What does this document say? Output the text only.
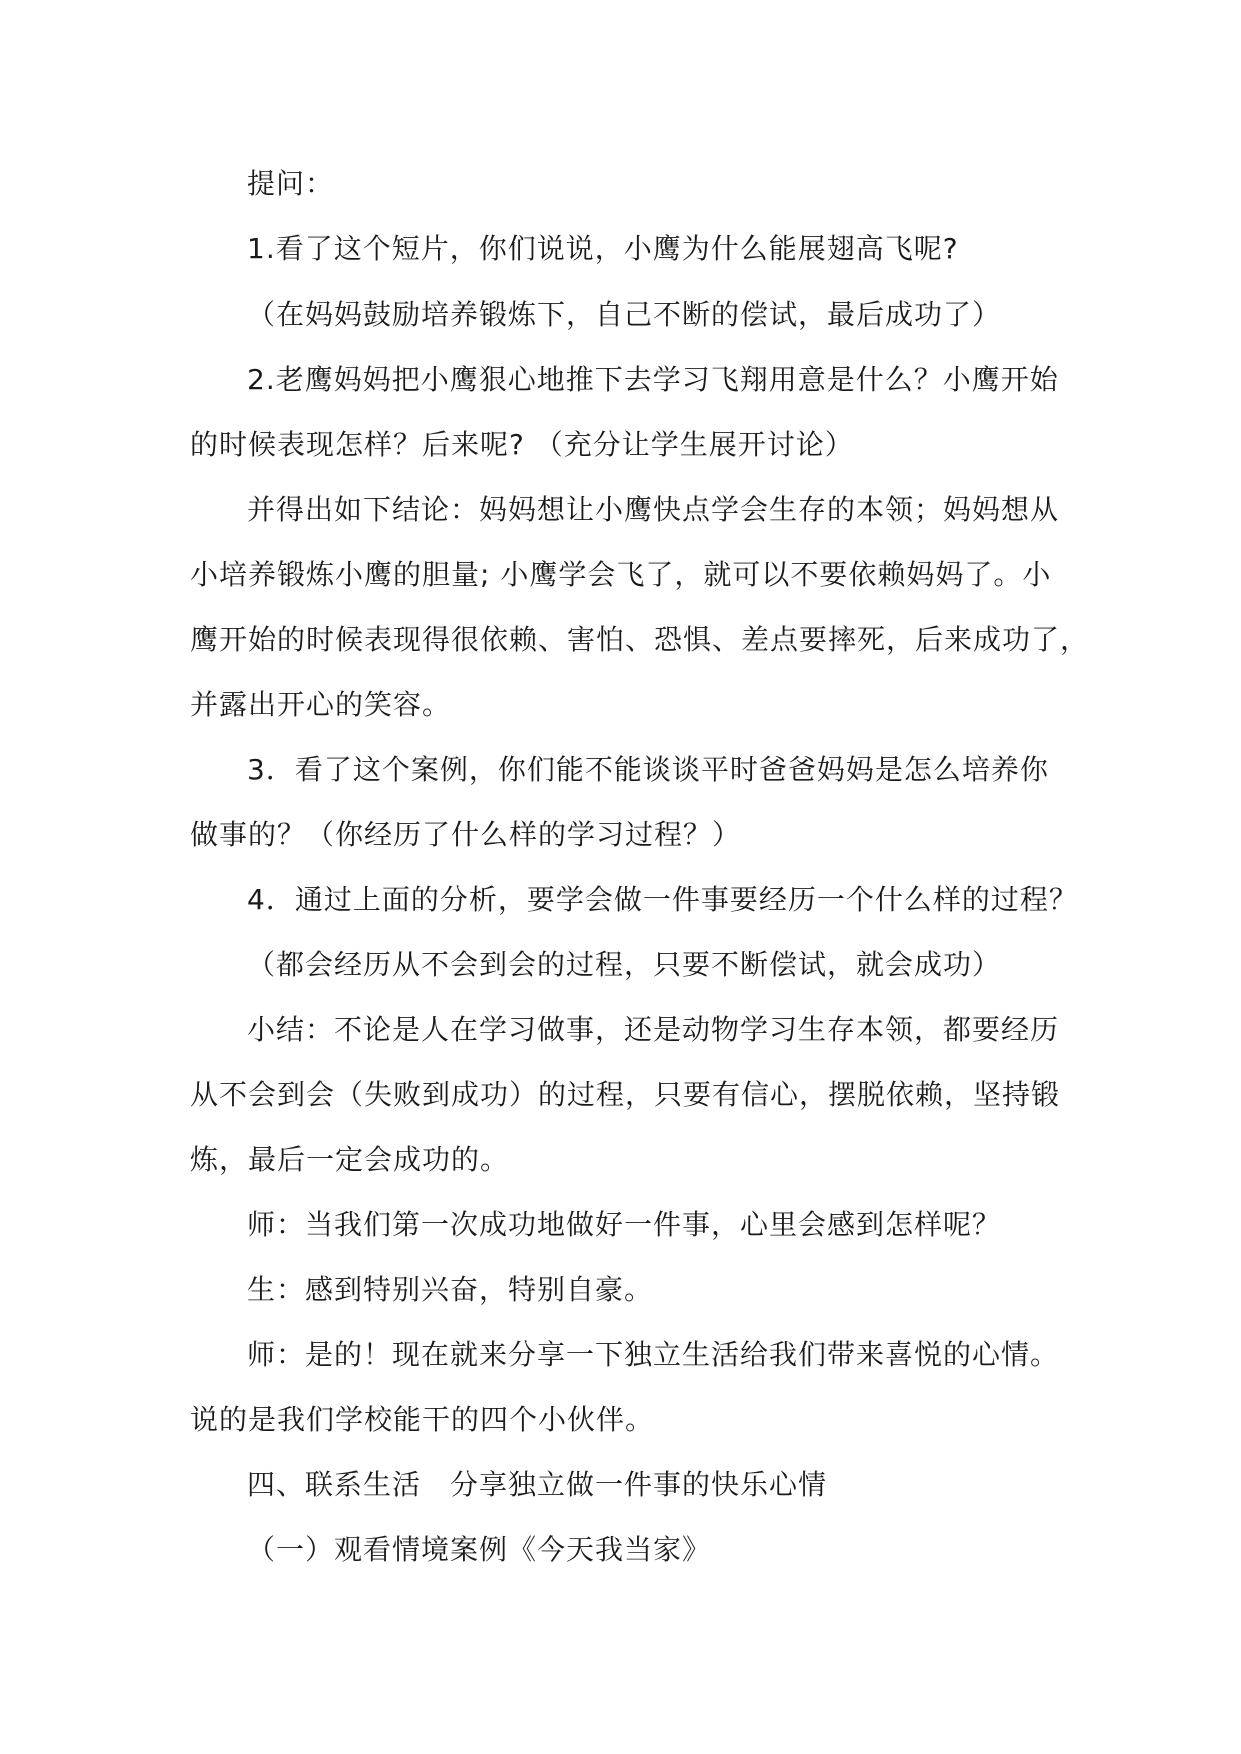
提问：
1.看了这个短片，你们说说，小鹰为什么能展翅高飞呢?
（在妈妈鼓励培养锻炼下，自己不断的偿试，最后成功了）
2.老鹰妈妈把小鹰狠心地推下去学习飞翔用意是什么？小鹰开始
的时候表现怎样？后来呢? （充分让学生展开讨论）
并得出如下结论：妈妈想让小鹰快点学会生存的本领；妈妈想从
小培养锻炼小鹰的胆量; 小鹰学会飞了，就可以不要依赖妈妈了。小
鹰开始的时候表现得很依赖、害怕、恐惧、差点要摔死，后来成功了，
并露出开心的笑容。
3．看了这个案例，你们能不能谈谈平时爸爸妈妈是怎么培养你
做事的？（你经历了什么样的学习过程？）
4．通过上面的分析，要学会做一件事要经历一个什么样的过程？
（都会经历从不会到会的过程，只要不断偿试，就会成功）
小结：不论是人在学习做事，还是动物学习生存本领，都要经历
从不会到会（失败到成功）的过程，只要有信心，摆脱依赖，坚持锻
炼，最后一定会成功的。
师：当我们第一次成功地做好一件事，心里会感到怎样呢？
生：感到特别兴奋，特别自豪。
师：是的！现在就来分享一下独立生活给我们带来喜悦的心情。
说的是我们学校能干的四个小伙伴。
四、联系生活　分享独立做一件事的快乐心情
（一）观看情境案例《今天我当家》
